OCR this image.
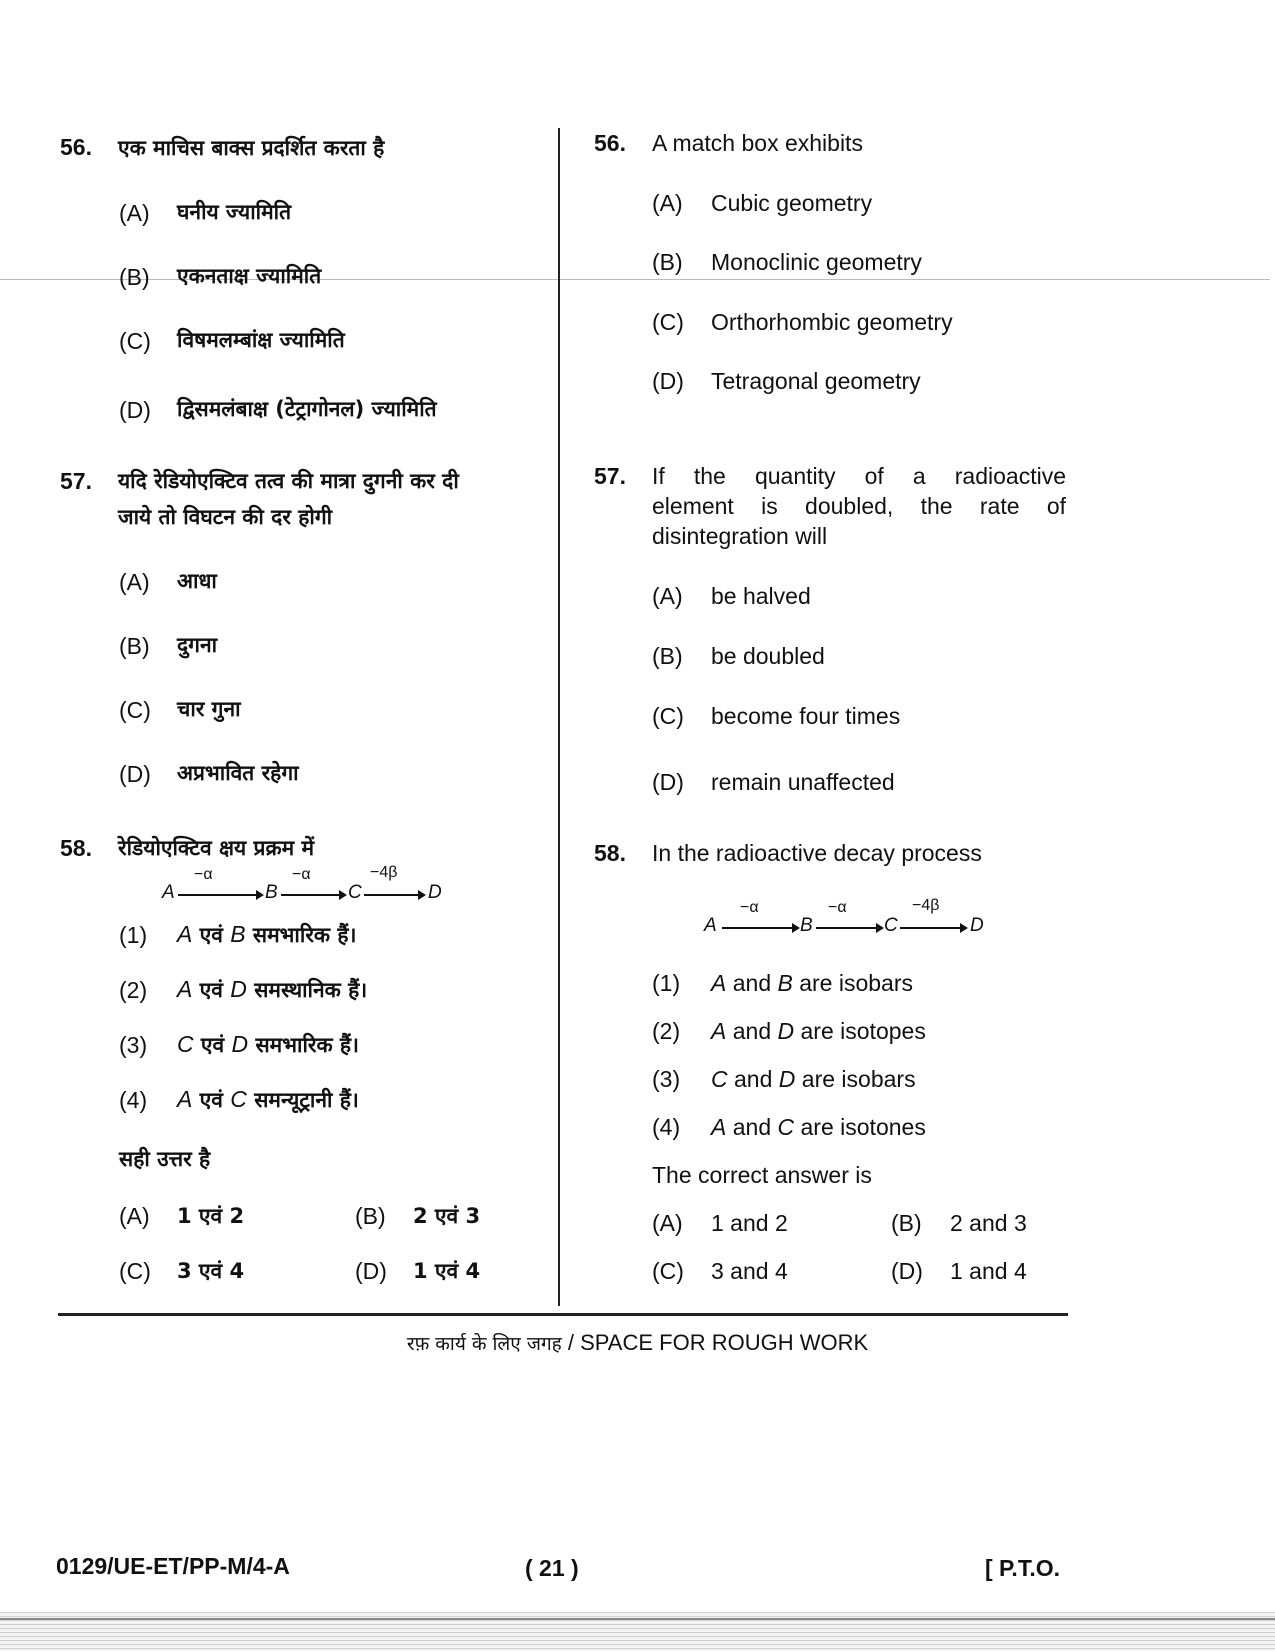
56. एक माचिस बाक्स प्रदर्शित करता है
(A) घनीय ज्यामिति
(B) एकनताक्ष ज्यामिति
(C) विषमलम्बांक्ष ज्यामिति
(D) द्विसमलंबाक्ष (टेट्रागोनल) ज्यामिति
57. यदि रेडियोएक्टिव तत्व की मात्रा दुगनी कर दी
जाये तो विघटन की दर होगी
(A) आधा
(B) दुगना
(C) चार गुना
(D) अप्रभावित रहेगा
58. रेडियोएक्टिव क्षय प्रक्रम में
A
−α
B
−α
C
−4β
D
(1) A एवं B समभारिक हैं।
(2) A एवं D समस्थानिक हैं।
(3) C एवं D समभारिक हैं।
(4) A एवं C समन्यूट्रानी हैं।
सही उत्तर है
(A) 1 एवं 2	(B) 2 एवं 3
(C) 3 एवं 4	(D) 1 एवं 4
56. A match box exhibits
(A) Cubic geometry
(B) Monoclinic geometry
(C) Orthorhombic geometry
(D) Tetragonal geometry
57. If the quantity of a radioactive
element is doubled, the rate of
disintegration will
(A) be halved
(B) be doubled
(C) become four times
(D) remain unaffected
58. In the radioactive decay process
A
−α
B
−α
C
−4β
D
(1) A and B are isobars
(2) A and D are isotopes
(3) C and D are isobars
(4) A and C are isotones
The correct answer is
(A) 1 and 2	(B) 2 and 3
(C) 3 and 4	(D) 1 and 4
रफ़ कार्य के लिए जगह / SPACE FOR ROUGH WORK
0129/UE-ET/PP-M/4-A	( 21 )	[ P.T.O.
